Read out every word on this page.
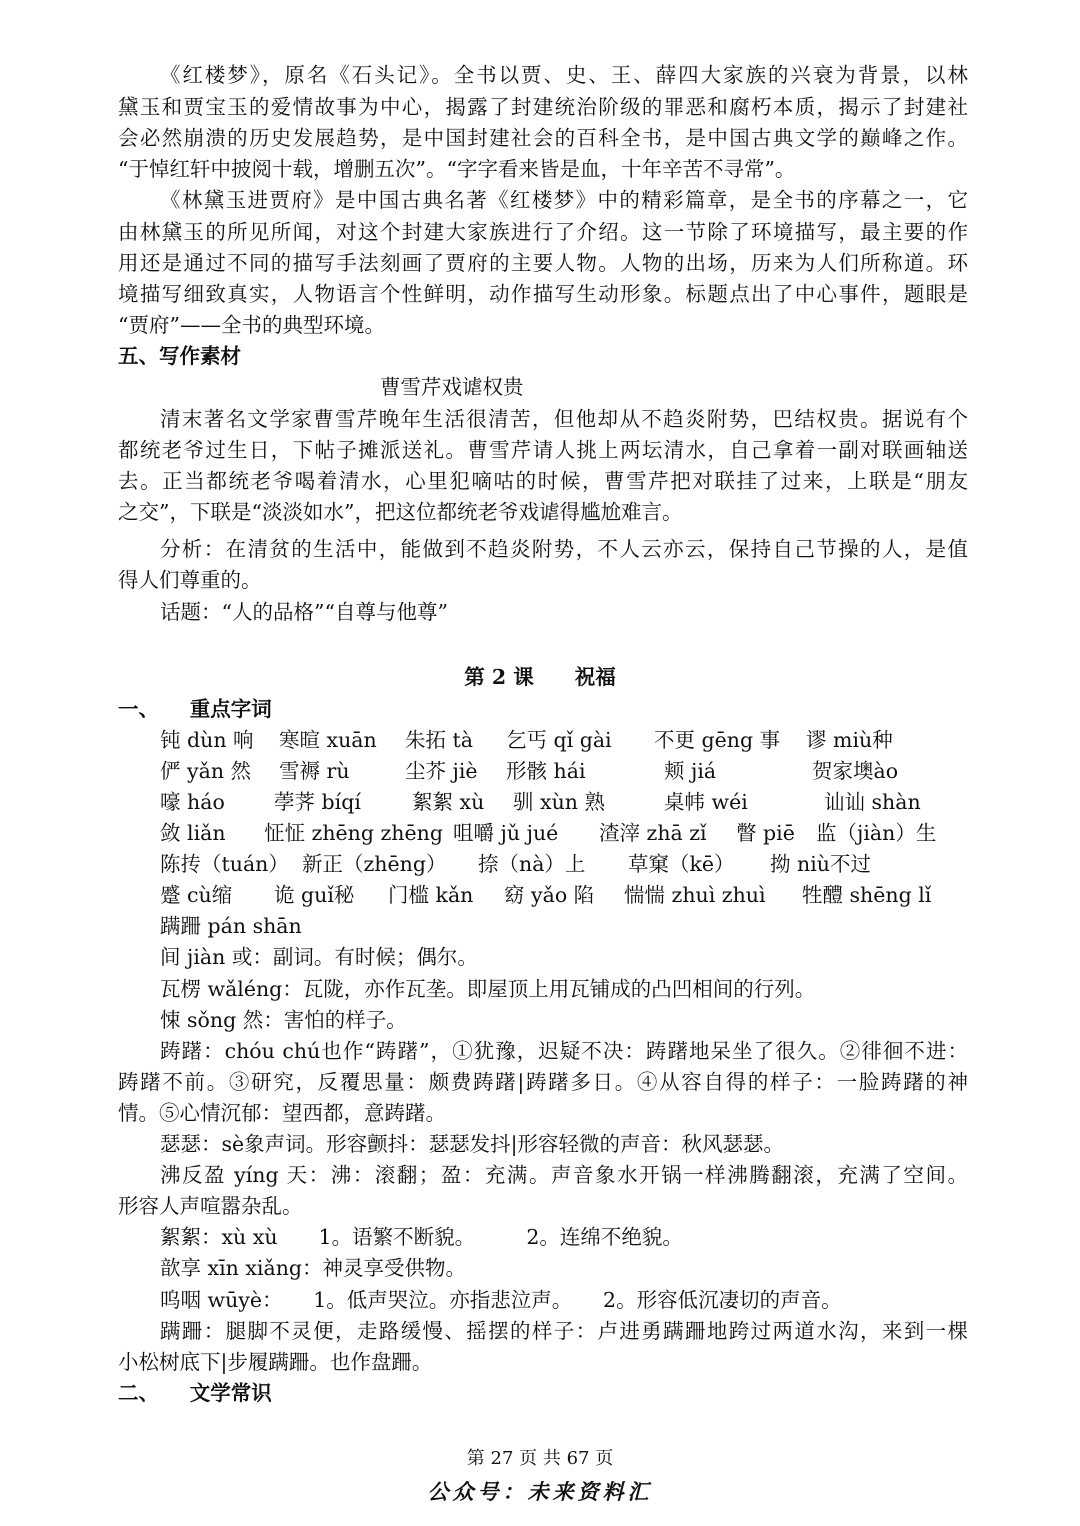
《红楼梦》，原名《石头记》。全书以贾、史、王、薛四大家族的兴衰为背景，以林
黛玉和贾宝玉的爱情故事为中心，揭露了封建统治阶级的罪恶和腐朽本质，揭示了封建社
会必然崩溃的历史发展趋势，是中国封建社会的百科全书，是中国古典文学的巅峰之作。
“于悼红轩中披阅十载，增删五次”。“字字看来皆是血，十年辛苦不寻常”。
《林黛玉进贾府》是中国古典名著《红楼梦》中的精彩篇章，是全书的序幕之一，它
由林黛玉的所见所闻，对这个封建大家族进行了介绍。这一节除了环境描写，最主要的作
用还是通过不同的描写手法刻画了贾府的主要人物。人物的出场，历来为人们所称道。环
境描写细致真实，人物语言个性鲜明，动作描写生动形象。标题点出了中心事件，题眼是
“贾府”——全书的典型环境。
五、写作素材
曹雪芹戏谑权贵
清末著名文学家曹雪芹晚年生活很清苦，但他却从不趋炎附势，巴结权贵。据说有个
都统老爷过生日，下帖子摊派送礼。曹雪芹请人挑上两坛清水，自己拿着一副对联画轴送
去。正当都统老爷喝着清水，心里犯嘀咕的时候，曹雪芹把对联挂了过来，上联是“朋友
之交”，下联是“淡淡如水”，把这位都统老爷戏谑得尴尬难言。
分析：在清贫的生活中，能做到不趋炎附势，不人云亦云，保持自己节操的人，是值
得人们尊重的。
话题：“人的品格”“自尊与他尊”
第 2 课　　祝福
一、　　重点字词
钝 dùn 响 寒暄 xuān 朱拓 tà 乞丐 qǐ gài 不更 gēng 事 谬 miù种
俨 yǎn 然 雪褥 rù	尘芥 jiè 形骸 hái	颊 jiá	贺家墺ào
嚎 háo 荸荠 bíqí 絮絮 xù 驯 xùn 熟	桌帏 wéi	讪讪 shàn
敛 liǎn 怔怔 zhēng zhēng 咀嚼 jǔ jué 渣滓 zhā zǐ 瞥 piē 监（jiàn）生
陈抟（tuán） 新正（zhēng） 捺（nà）上 草窠（kē） 拗 niù不过
蹙 cù缩 诡 guǐ秘 门槛 kǎn 窈 yǎo 陷 惴惴 zhuì zhuì 牲醴 shēng lǐ
蹒跚 pán shān
间 jiàn 或：副词。有时候；偶尔。
瓦楞 wǎléng：瓦陇，亦作瓦垄。即屋顶上用瓦铺成的凸凹相间的行列。
悚 sǒng 然：害怕的样子。
踌躇：chóu chú也作“踌躇”，①犹豫，迟疑不决：踌躇地呆坐了很久。②徘徊不进：
踌躇不前。③研究，反覆思量：颇费踌躇|踌躇多日。④从容自得的样子：一脸踌躇的神
情。⑤心情沉郁：望西都，意踌躇。
瑟瑟：sè象声词。形容颤抖：瑟瑟发抖|形容轻微的声音：秋风瑟瑟。
沸反盈 yíng 天：沸：滚翻；盈：充满。声音象水开锅一样沸腾翻滚，充满了空间。
形容人声喧嚣杂乱。
絮絮：xù xù　　1。语繁不断貌。　　　2。连绵不绝貌。
歆享 xīn xiǎng：神灵享受供物。
呜咽 wūyè：　　1。低声哭泣。亦指悲泣声。　　2。形容低沉凄切的声音。
蹒跚：腿脚不灵便，走路缓慢、摇摆的样子：卢进勇蹒跚地跨过两道水沟，来到一棵
小松树底下|步履蹒跚。也作盘跚。
二、　　文学常识
第 27 页 共 67 页
公众号：未来资料汇
